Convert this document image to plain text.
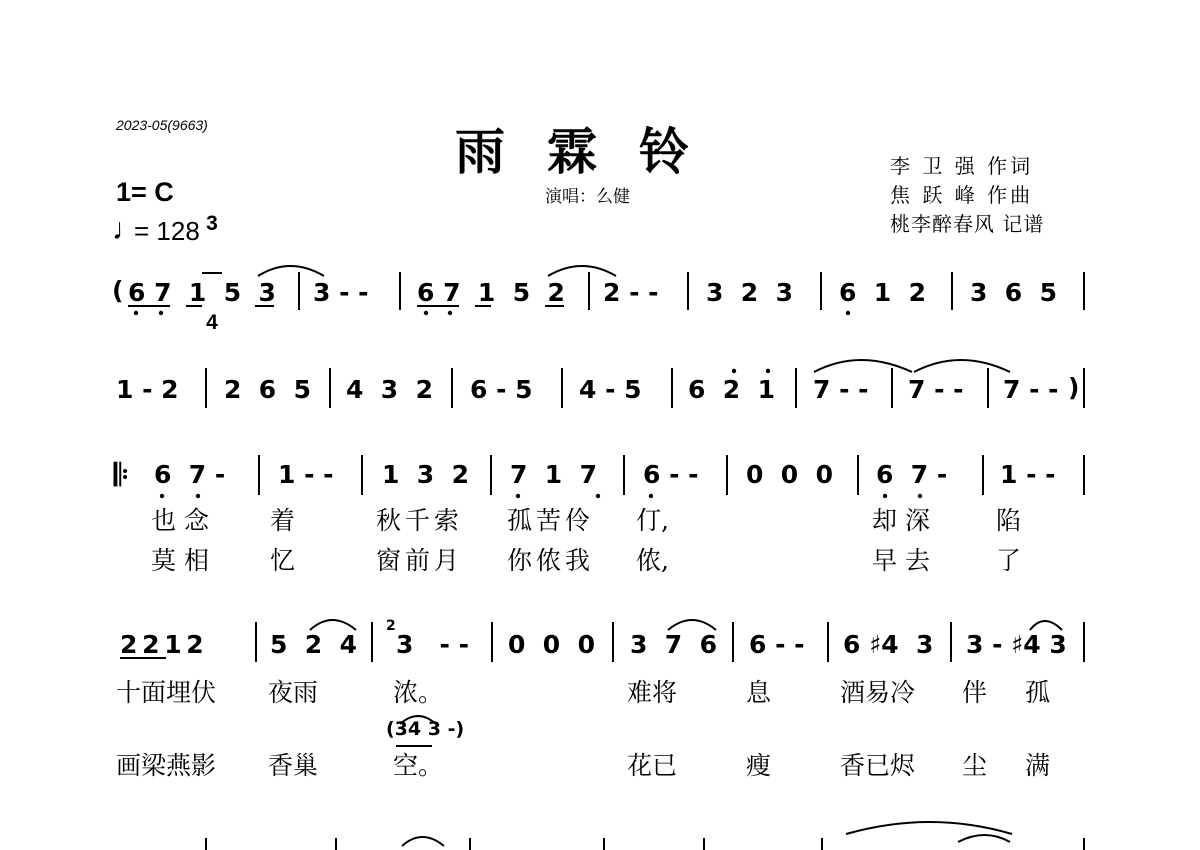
2023-05(9663)	雨霖铃
演唱：么健
李 卫 强 作词
焦 跃 峰 作曲
桃李醉春风 记谱
1= C

3

4

♩
= 128
( 6 7  1  5  3 3 - - 6 7  1  5  2 2 - - 3  2  3 6  1  2 3  6  5
1 - 2 2  6  5 4  3  2 6 - 5 4 - 5 6  2  1 7 - - 7 - - 7 - - )
𝄆 6  7 - 1 - - 1  3  2 7  1  7 6 - - 0  0  0 6  7 - 1 - -
也念 着	秋千索 孤苦伶 仃,	却深 陷
莫相 忆	窗前月 你侬我 侬,	早去 了
2 2 1 2	5  2  4
2
3   - - 0  0  0 3  7  6 6 - - 6 ♯4  3 3 - ♯4 3
十面埋伏 夜雨	浓。	难将	息	酒易冷 伴 孤
(34 3 -)
画梁燕影 香巢	空。	花已	瘦	香已烬 尘 满
